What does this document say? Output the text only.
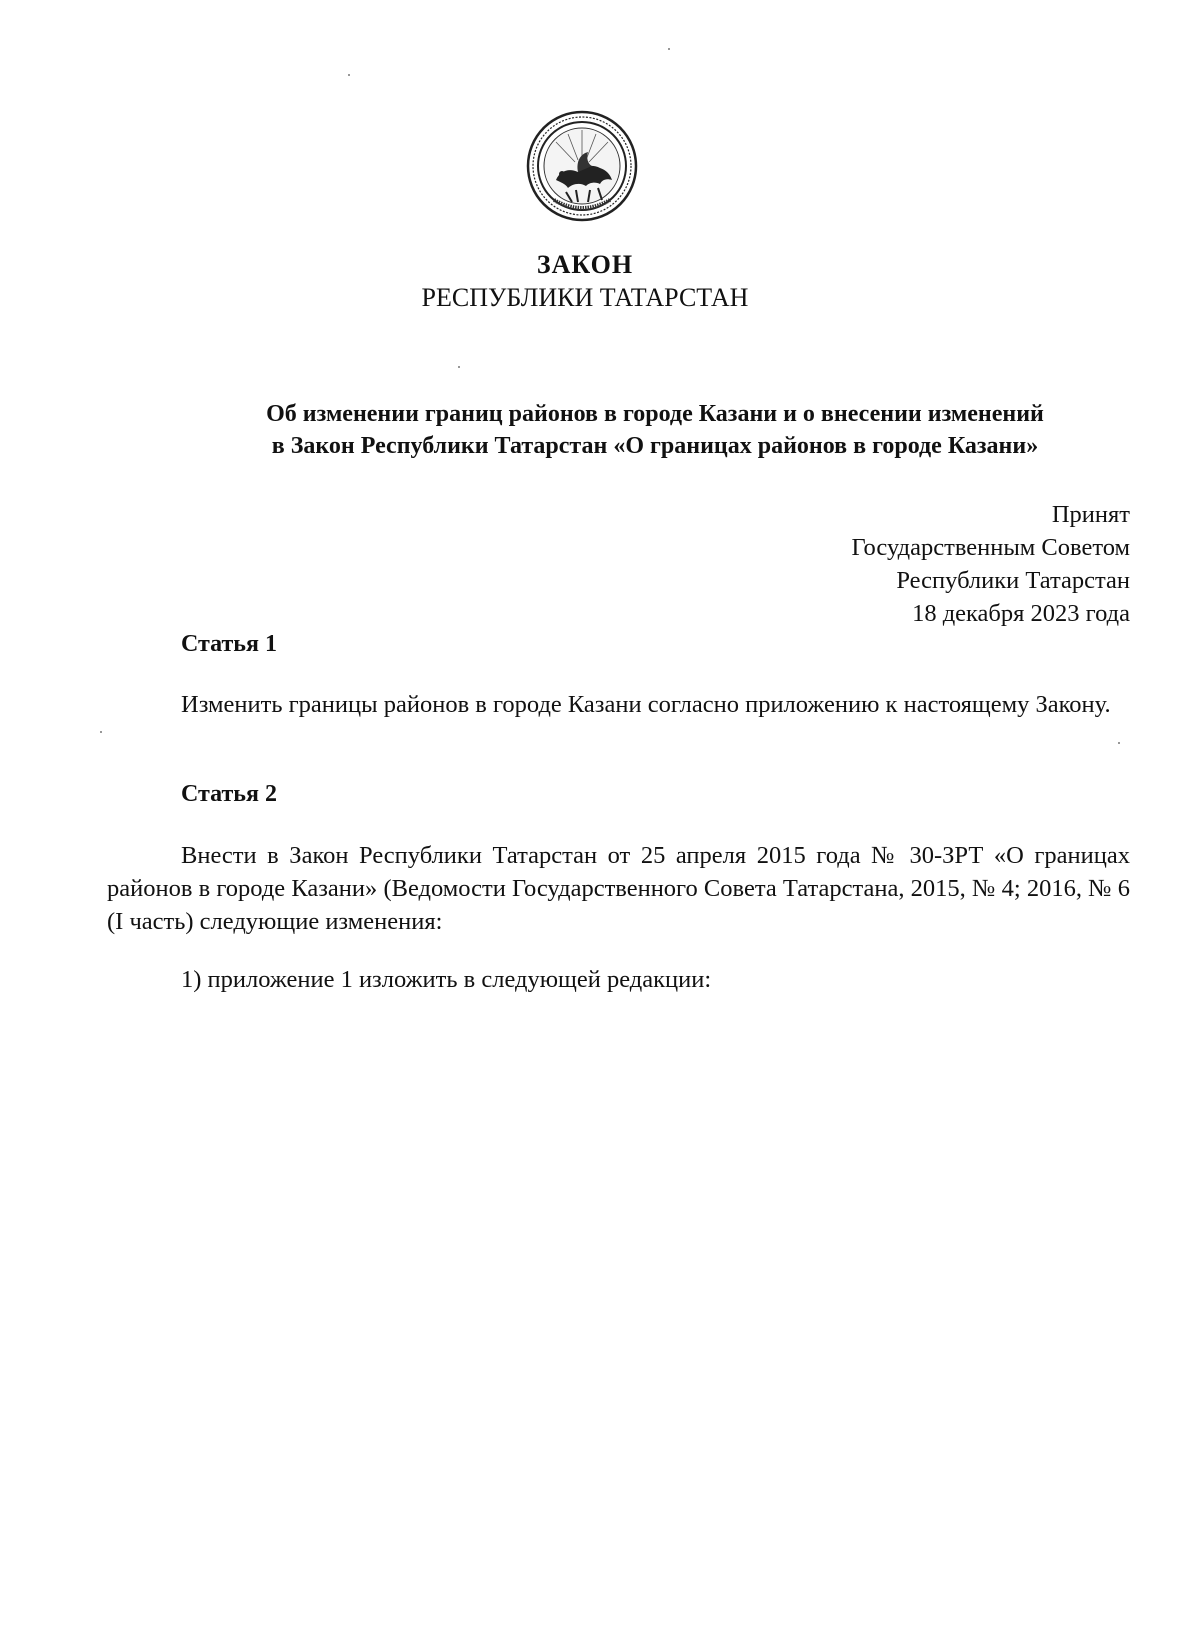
ЗАКОН
РЕСПУБЛИКИ ТАТАРСТАН
Об изменении границ районов в городе Казани и о внесении изменений
в Закон Республики Татарстан «О границах районов в городе Казани»
Принят
Государственным Советом
Республики Татарстан
18 декабря 2023 года
Статья 1
Изменить границы районов в городе Казани согласно приложению к настоящему Закону.
Статья 2
Внести в Закон Республики Татарстан от 25 апреля 2015 года № 30-ЗРТ «О границах районов в городе Казани» (Ведомости Государственного Совета Татарстана, 2015, № 4; 2016, № 6 (I часть) следующие изменения:
1) приложение 1 изложить в следующей редакции:
